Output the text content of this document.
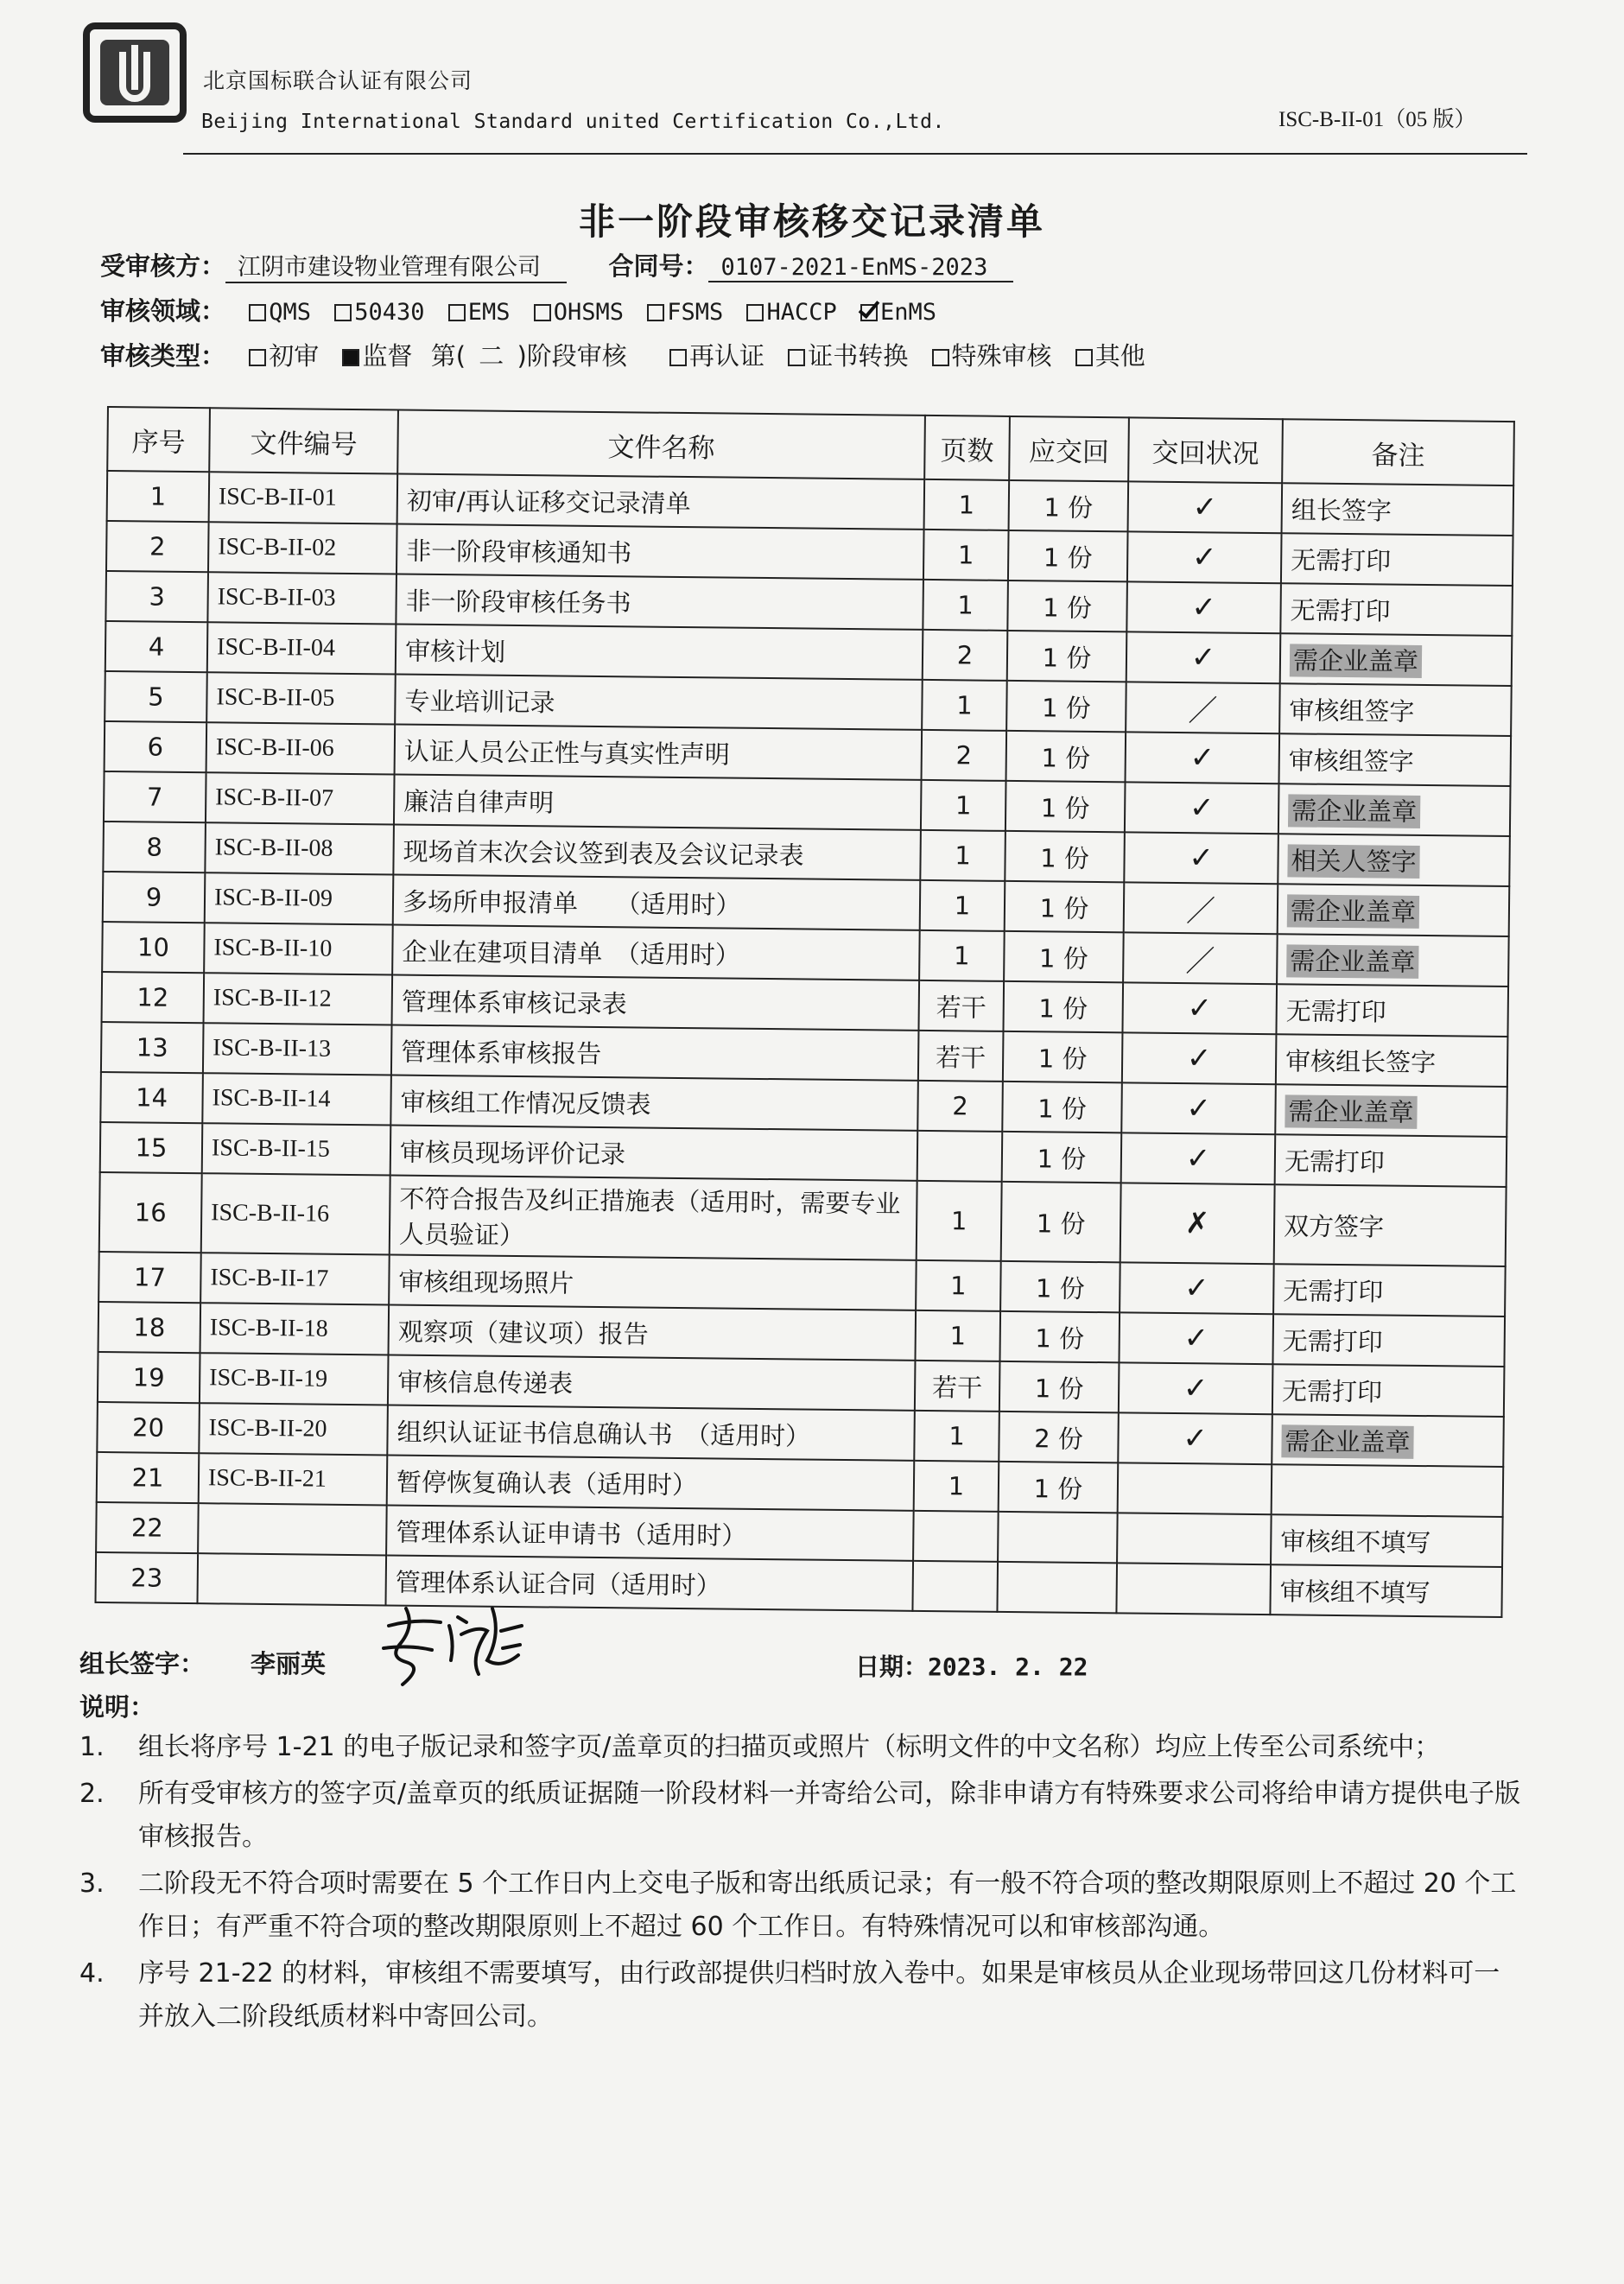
北京国标联合认证有限公司
Beijing International Standard united Certification Co.,Ltd.	ISC-B-II-01（05 版）
非一阶段审核移交记录清单
受审核方： 江阴市建设物业管理有限公司	合同号： 0107-2021-EnMS-2023
审核领域： QMS 50430 EMS OHSMS FSMS HACCP EnMS
审核类型： 初审 监督 第( 二 )阶段审核 再认证 证书转换 特殊审核 其他
序号	文件编号	文件名称	页数	应交回	交回状况	备注
1	ISC-B-II-01	初审/再认证移交记录清单	1	1 份	✓	组长签字
2	ISC-B-II-02	非一阶段审核通知书	1	1 份	✓	无需打印
3	ISC-B-II-03	非一阶段审核任务书	1	1 份	✓	无需打印
4	ISC-B-II-04	审核计划	2	1 份	✓	需企业盖章
5	ISC-B-II-05	专业培训记录	1	1 份	／	审核组签字
6	ISC-B-II-06	认证人员公正性与真实性声明	2	1 份	✓	审核组签字
7	ISC-B-II-07	廉洁自律声明	1	1 份	✓	需企业盖章
8	ISC-B-II-08	现场首末次会议签到表及会议记录表	1	1 份	✓	相关人签字
9	ISC-B-II-09	多场所申报清单　　（适用时）	1	1 份	／	需企业盖章
10	ISC-B-II-10	企业在建项目清单　（适用时）	1	1 份	／	需企业盖章
12	ISC-B-II-12	管理体系审核记录表	若干	1 份	✓	无需打印
13	ISC-B-II-13	管理体系审核报告	若干	1 份	✓	审核组长签字
14	ISC-B-II-14	审核组工作情况反馈表	2	1 份	✓	需企业盖章
15	ISC-B-II-15	审核员现场评价记录		1 份	✓	无需打印
16	ISC-B-II-16	不符合报告及纠正措施表（适用时，需要专业人员验证）	1	1 份	✗	双方签字
17	ISC-B-II-17	审核组现场照片	1	1 份	✓	无需打印
18	ISC-B-II-18	观察项（建议项）报告	1	1 份	✓	无需打印
19	ISC-B-II-19	审核信息传递表	若干	1 份	✓	无需打印
20	ISC-B-II-20	组织认证证书信息确认书　（适用时）	1	2 份	✓	需企业盖章
21	ISC-B-II-21	暂停恢复确认表（适用时）	1	1 份		
22		管理体系认证申请书（适用时）				审核组不填写
23		管理体系认证合同（适用时）				审核组不填写
组长签字： 李丽英	日期：2023. 2. 22
说明：
1. 组长将序号 1-21 的电子版记录和签字页/盖章页的扫描页或照片（标明文件的中文名称）均应上传至公司系统中；
2. 所有受审核方的签字页/盖章页的纸质证据随一阶段材料一并寄给公司，除非申请方有特殊要求公司将给申请方提供电子版审核报告。
3. 二阶段无不符合项时需要在 5 个工作日内上交电子版和寄出纸质记录；有一般不符合项的整改期限原则上不超过 20 个工作日；有严重不符合项的整改期限原则上不超过 60 个工作日。有特殊情况可以和审核部沟通。
4. 序号 21-22 的材料，审核组不需要填写，由行政部提供归档时放入卷中。如果是审核员从企业现场带回这几份材料可一并放入二阶段纸质材料中寄回公司。
